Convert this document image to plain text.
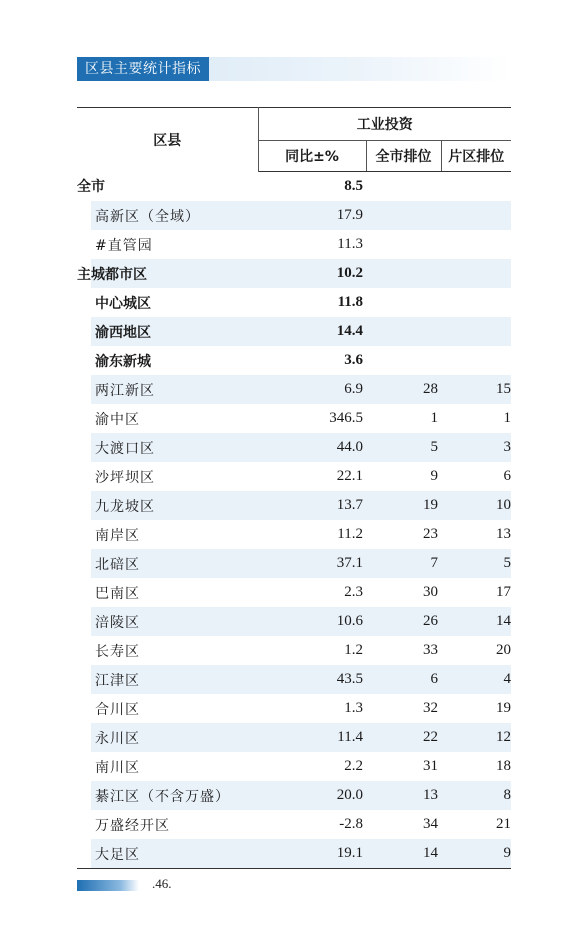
区县主要统计指标
区县	工业投资		
	同比±%	全市排位	片区排位
全市	8.5		
高新区（全域）	17.9		
#直管园	11.3		
主城都市区	10.2		
中心城区	11.8		
渝西地区	14.4		
渝东新城	3.6		
两江新区	6.9	28	15
渝中区	346.5	1	1
大渡口区	44.0	5	3
沙坪坝区	22.1	9	6
九龙坡区	13.7	19	10
南岸区	11.2	23	13
北碚区	37.1	7	5
巴南区	2.3	30	17
涪陵区	10.6	26	14
长寿区	1.2	33	20
江津区	43.5	6	4
合川区	1.3	32	19
永川区	11.4	22	12
南川区	2.2	31	18
綦江区（不含万盛）	20.0	13	8
万盛经开区	-2.8	34	21
大足区	19.1	14	9
.46.
